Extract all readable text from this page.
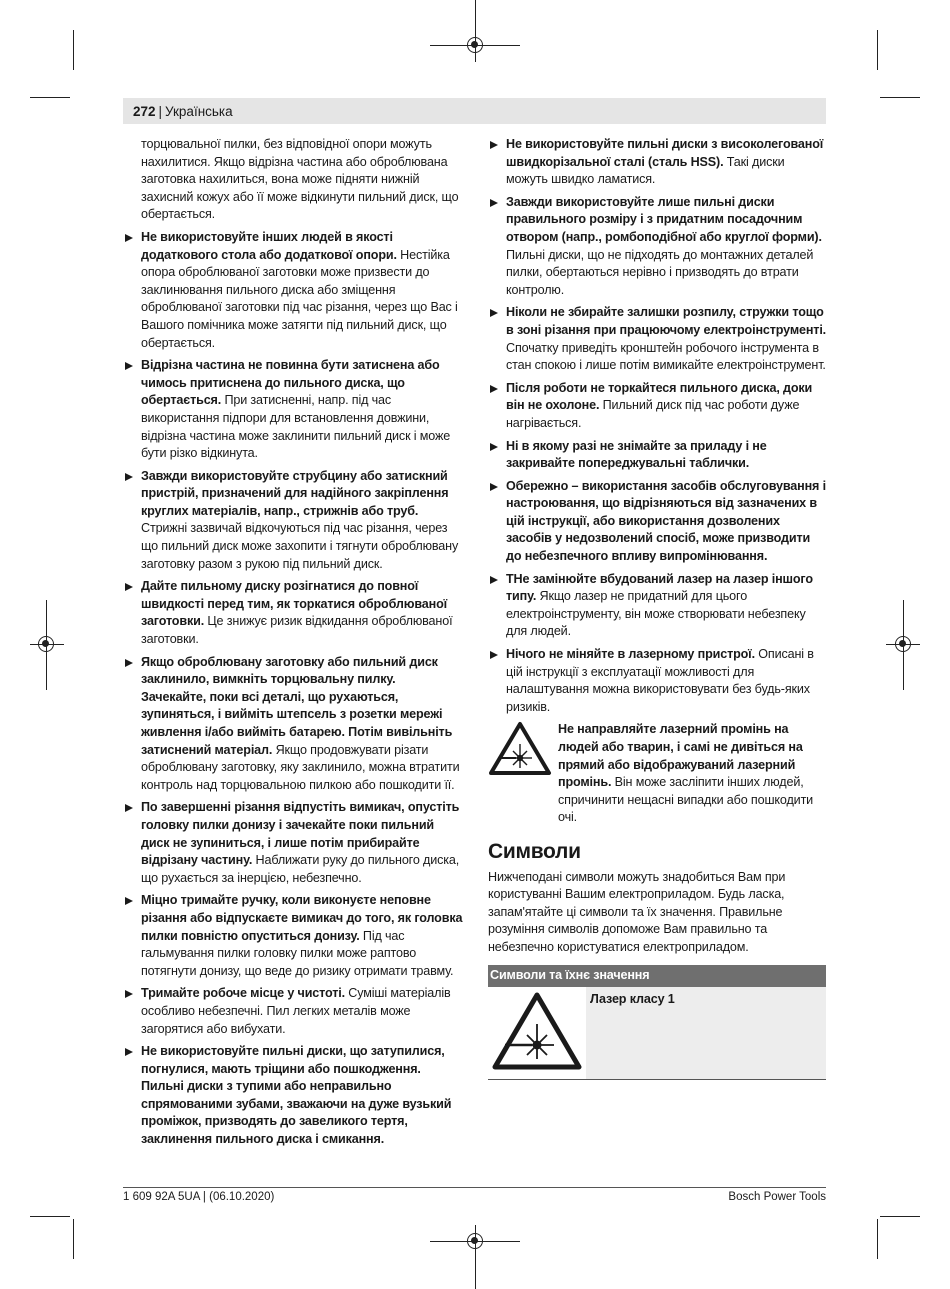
272 | Українська
торцювальної пилки, без відповідної опори можуть нахилитися. Якщо відрізна частина або оброблювана заготовка нахилиться, вона може підняти нижній захисний кожух або її може відкинути пильний диск, що обертається.
Не використовуйте інших людей в якості додаткового стола або додаткової опори. Нестійка опора оброблюваної заготовки може призвести до заклинювання пильного диска або зміщення оброблюваної заготовки під час різання, через що Вас і Вашого помічника може затягти під пильний диск, що обертається.
Відрізна частина не повинна бути затиснена або чимось притиснена до пильного диска, що обертається. При затисненні, напр. під час використання підпори для встановлення довжини, відрізна частина може заклинити пильний диск і може бути різко відкинута.
Завжди використовуйте струбцину або затискний пристрій, призначений для надійного закріплення круглих матеріалів, напр., стрижнів або труб. Стрижні зазвичай відкочуються під час різання, через що пильний диск може захопити і тягнути оброблювану заготовку разом з рукою під пильний диск.
Дайте пильному диску розігнатися до повної швидкості перед тим, як торкатися оброблюваної заготовки. Це знижує ризик відкидання оброблюваної заготовки.
Якщо оброблювану заготовку або пильний диск заклинило, вимкніть торцювальну пилку. Зачекайте, поки всі деталі, що рухаються, зупиняться, і вийміть штепсель з розетки мережі живлення і/або вийміть батарею. Потім вивільніть затиснений матеріал. Якщо продовжувати різати оброблювану заготовку, яку заклинило, можна втратити контроль над торцювальною пилкою або пошкодити її.
По завершенні різання відпустіть вимикач, опустіть головку пилки донизу і зачекайте поки пильний диск не зупиниться, і лише потім прибирайте відрізану частину. Наближати руку до пильного диска, що рухається за інерцією, небезпечно.
Міцно тримайте ручку, коли виконуєте неповне різання або відпускаєте вимикач до того, як головка пилки повністю опуститься донизу. Під час гальмування пилки головку пилки може раптово потягнути донизу, що веде до ризику отримати травму.
Тримайте робоче місце у чистоті. Суміші матеріалів особливо небезпечні. Пил легких металів може загорятися або вибухати.
Не використовуйте пильні диски, що затупилися, погнулися, мають тріщини або пошкодження. Пильні диски з тупими або неправильно спрямованими зубами, зважаючи на дуже вузький проміжок, призводять до завеликого тертя, заклинення пильного диска і смикання.
Не використовуйте пильні диски з високолегованої швидкорізальної сталі (сталь HSS). Такі диски можуть швидко ламатися.
Завжди використовуйте лише пильні диски правильного розміру і з придатним посадочним отвором (напр., ромбоподібної або круглої форми). Пильні диски, що не підходять до монтажних деталей пилки, обертаються нерівно і призводять до втрати контролю.
Ніколи не збирайте залишки розпилу, стружки тощо в зоні різання при працюючому електроінструменті. Спочатку приведіть кронштейн робочого інструмента в стан спокою і лише потім вимикайте електроінструмент.
Після роботи не торкайтеся пильного диска, доки він не охолоне. Пильний диск під час роботи дуже нагрівається.
Ні в якому разі не знімайте за приладу і не закривайте попереджувальні таблички.
Обережно – використання засобів обслуговування і настроювання, що відрізняються від зазначених в цій інструкції, або використання дозволених засобів у недозволений спосіб, може призводити до небезпечного впливу випромінювання.
THе замінюйте вбудований лазер на лазер іншого типу. Якщо лазер не придатний для цього електроінструменту, він може створювати небезпеку для людей.
Нічого не міняйте в лазерному пристрої. Описані в цій інструкції з експлуатації можливості для налаштування можна використовувати без будь-яких ризиків.
Не направляйте лазерний промінь на людей або тварин, і самі не дивіться на прямий або відображуваний лазерний промінь. Він може засліпити інших людей, спричинити нещасні випадки або пошкодити очі.
Символи

Нижчеподані символи можуть знадобиться Вам при користуванні Вашим електроприладом. Будь ласка, запам'ятайте ці символи та їх значення. Правильне розуміння символів допоможе Вам правильно та небезпечно користуватися електроприладом.

Символи та їхнє значення
	Лазер класу 1
1 609 92A 5UA | (06.10.2020)	Bosch Power Tools
